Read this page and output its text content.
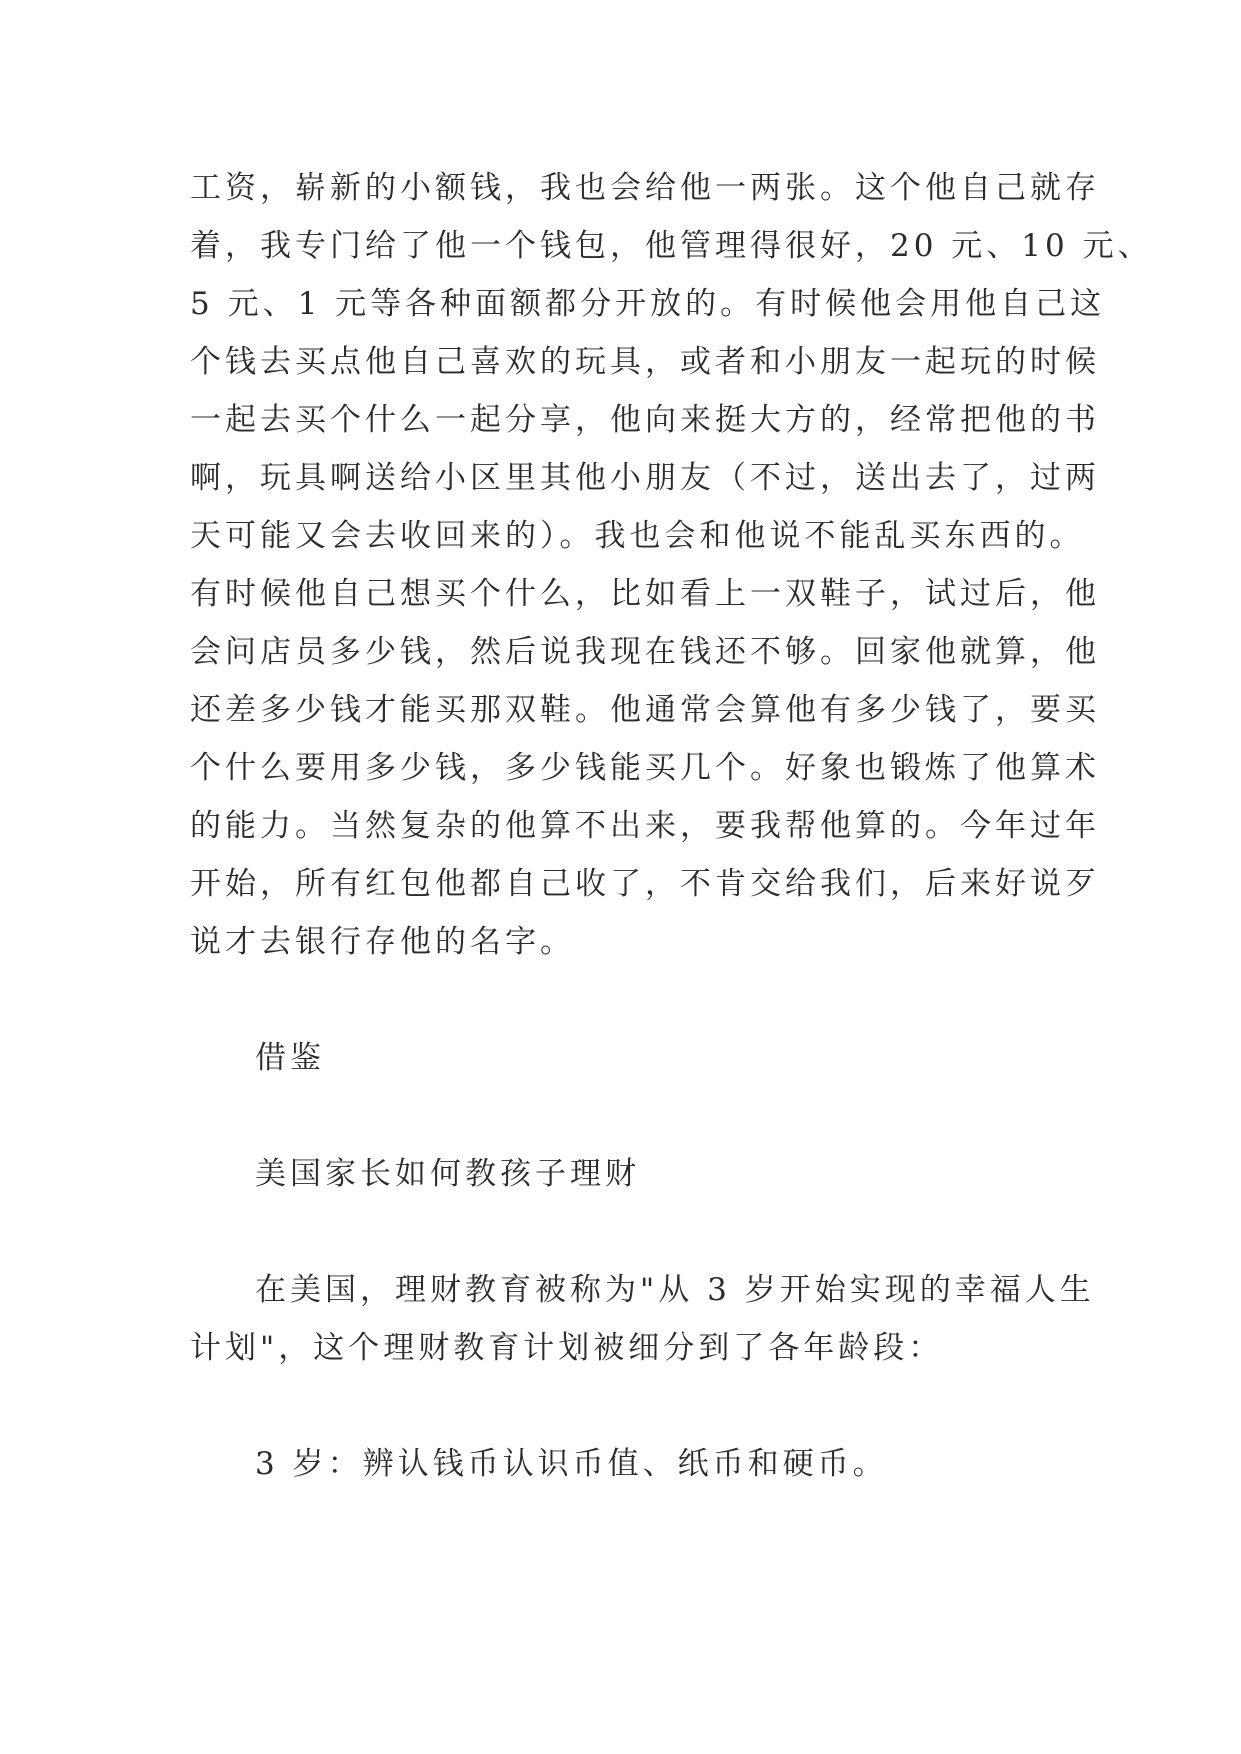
工资，崭新的小额钱，我也会给他一两张。这个他自己就存
着，我专门给了他一个钱包，他管理得很好，20 元、10 元、
5 元、1 元等各种面额都分开放的。有时候他会用他自己这
个钱去买点他自己喜欢的玩具，或者和小朋友一起玩的时候
一起去买个什么一起分享，他向来挺大方的，经常把他的书
啊，玩具啊送给小区里其他小朋友（不过，送出去了，过两
天可能又会去收回来的）。我也会和他说不能乱买东西的。
有时候他自己想买个什么，比如看上一双鞋子，试过后，他
会问店员多少钱，然后说我现在钱还不够。回家他就算，他
还差多少钱才能买那双鞋。他通常会算他有多少钱了，要买
个什么要用多少钱，多少钱能买几个。好象也锻炼了他算术
的能力。当然复杂的他算不出来，要我帮他算的。今年过年
开始，所有红包他都自己收了，不肯交给我们，后来好说歹
说才去银行存他的名字。
借鉴
美国家长如何教孩子理财
在美国，理财教育被称为"从 3 岁开始实现的幸福人生
计划"，这个理财教育计划被细分到了各年龄段：
3 岁：辨认钱币认识币值、纸币和硬币。
